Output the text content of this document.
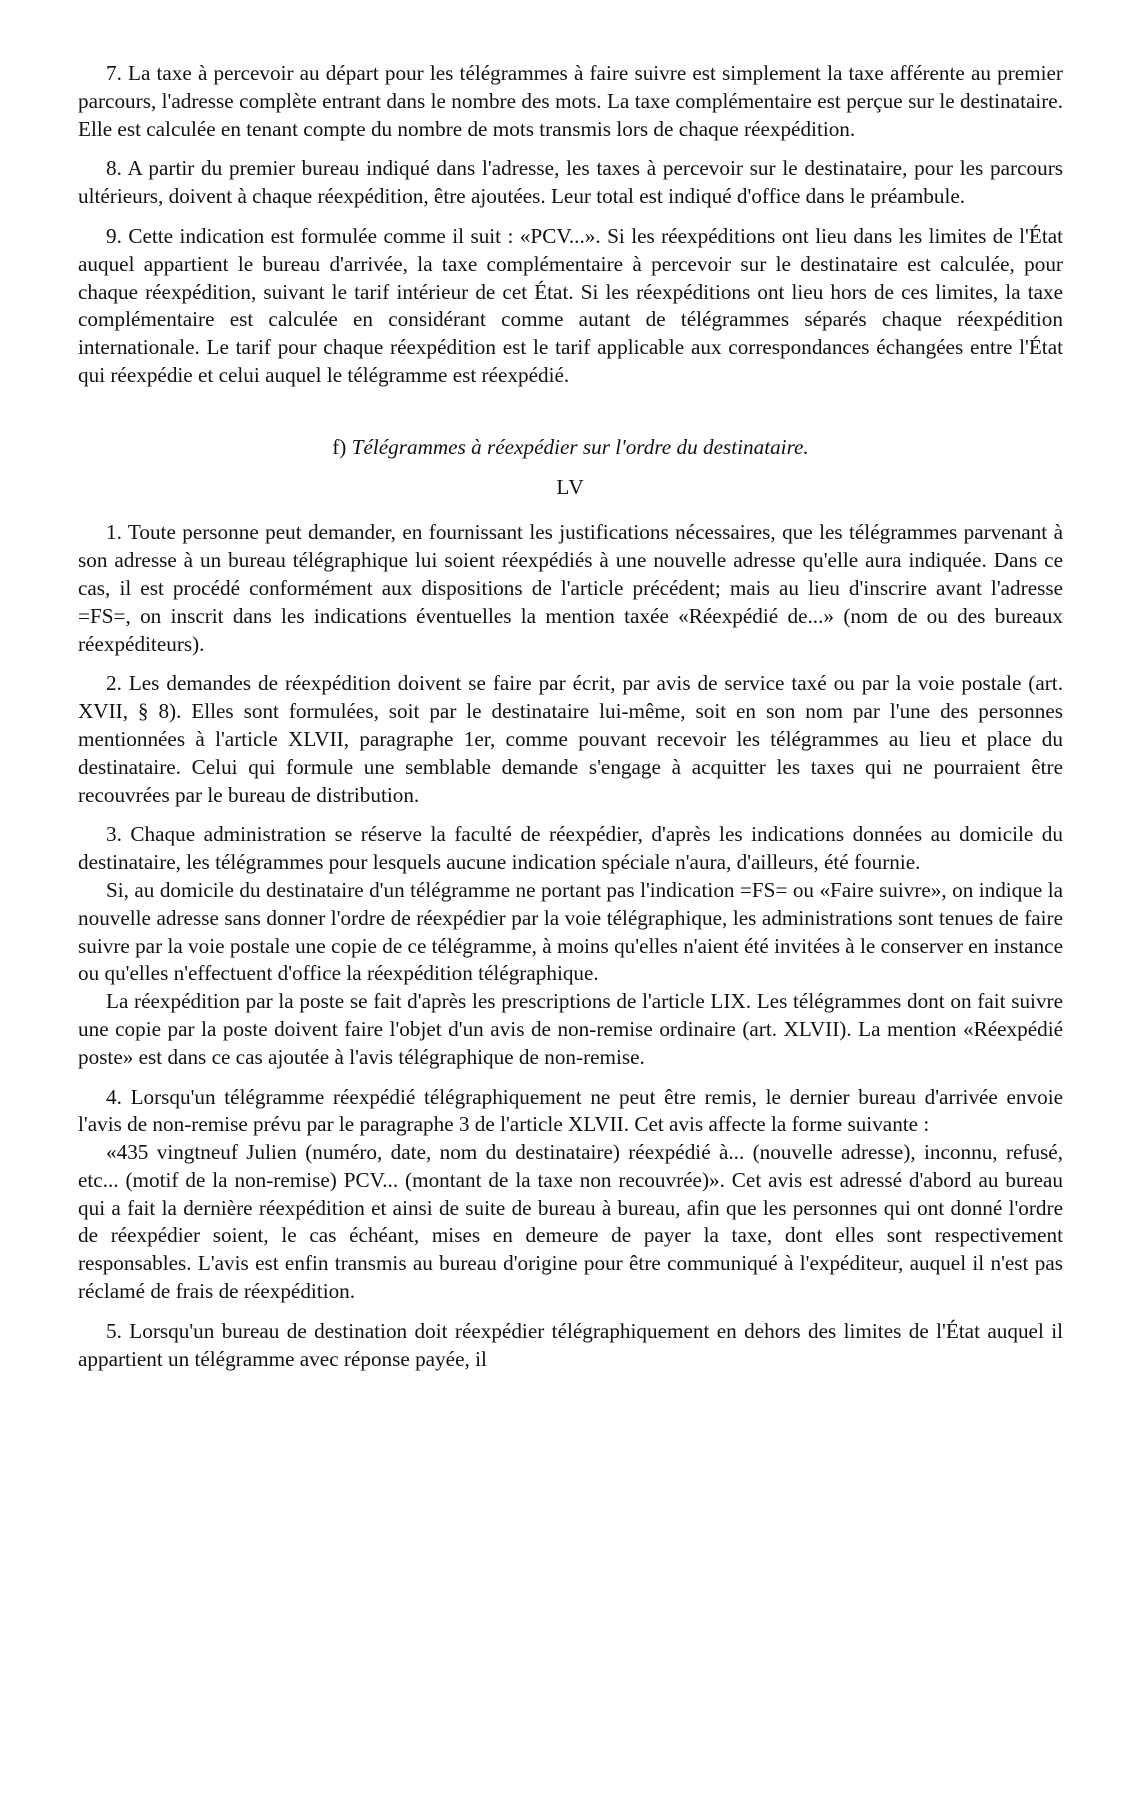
7. La taxe à percevoir au départ pour les télégrammes à faire suivre est simplement la taxe afférente au premier parcours, l'adresse complète entrant dans le nombre des mots. La taxe complémentaire est perçue sur le destinataire. Elle est calculée en tenant compte du nombre de mots transmis lors de chaque réexpédition.

8. A partir du premier bureau indiqué dans l'adresse, les taxes à percevoir sur le destinataire, pour les parcours ultérieurs, doivent à chaque réexpédition, être ajoutées. Leur total est indiqué d'office dans le préambule.

9. Cette indication est formulée comme il suit : «PCV...». Si les réexpéditions ont lieu dans les limites de l'État auquel appartient le bureau d'arrivée, la taxe complémentaire à percevoir sur le destinataire est calculée, pour chaque réexpédition, suivant le tarif intérieur de cet État. Si les réexpéditions ont lieu hors de ces limites, la taxe complémentaire est calculée en considérant comme autant de télégrammes séparés chaque réexpédition internationale. Le tarif pour chaque réexpédition est le tarif applicable aux correspondances échangées entre l'État qui réexpédie et celui auquel le télégramme est réexpédié.

f) Télégrammes à réexpédier sur l'ordre du destinataire.

LV

1. Toute personne peut demander, en fournissant les justifications nécessaires, que les télégrammes parvenant à son adresse à un bureau télégraphique lui soient réexpédiés à une nouvelle adresse qu'elle aura indiquée. Dans ce cas, il est procédé conformément aux dispositions de l'article précédent; mais au lieu d'inscrire avant l'adresse =FS=, on inscrit dans les indications éventuelles la mention taxée «Réexpédié de...» (nom de ou des bureaux réexpéditeurs).

2. Les demandes de réexpédition doivent se faire par écrit, par avis de service taxé ou par la voie postale (art. XVII, § 8). Elles sont formulées, soit par le destinataire lui-même, soit en son nom par l'une des personnes mentionnées à l'article XLVII, paragraphe 1er, comme pouvant recevoir les télégrammes au lieu et place du destinataire. Celui qui formule une semblable demande s'engage à acquitter les taxes qui ne pourraient être recouvrées par le bureau de distribution.

3. Chaque administration se réserve la faculté de réexpédier, d'après les indications données au domicile du destinataire, les télégrammes pour lesquels aucune indication spéciale n'aura, d'ailleurs, été fournie.

Si, au domicile du destinataire d'un télégramme ne portant pas l'indication =FS= ou «Faire suivre», on indique la nouvelle adresse sans donner l'ordre de réexpédier par la voie télégraphique, les administrations sont tenues de faire suivre par la voie postale une copie de ce télégramme, à moins qu'elles n'aient été invitées à le conserver en instance ou qu'elles n'effectuent d'office la réexpédition télégraphique.

La réexpédition par la poste se fait d'après les prescriptions de l'article LIX. Les télégrammes dont on fait suivre une copie par la poste doivent faire l'objet d'un avis de non-remise ordinaire (art. XLVII). La mention «Réexpédié poste» est dans ce cas ajoutée à l'avis télégraphique de non-remise.

4. Lorsqu'un télégramme réexpédié télégraphiquement ne peut être remis, le dernier bureau d'arrivée envoie l'avis de non-remise prévu par le paragraphe 3 de l'article XLVII. Cet avis affecte la forme suivante :

«435 vingtneuf Julien (numéro, date, nom du destinataire) réexpédié à... (nouvelle adresse), inconnu, refusé, etc... (motif de la non-remise) PCV... (montant de la taxe non recouvrée)». Cet avis est adressé d'abord au bureau qui a fait la dernière réexpédition et ainsi de suite de bureau à bureau, afin que les personnes qui ont donné l'ordre de réexpédier soient, le cas échéant, mises en demeure de payer la taxe, dont elles sont respectivement responsables. L'avis est enfin transmis au bureau d'origine pour être communiqué à l'expéditeur, auquel il n'est pas réclamé de frais de réexpédition.

5. Lorsqu'un bureau de destination doit réexpédier télégraphiquement en dehors des limites de l'État auquel il appartient un télégramme avec réponse payée, il
